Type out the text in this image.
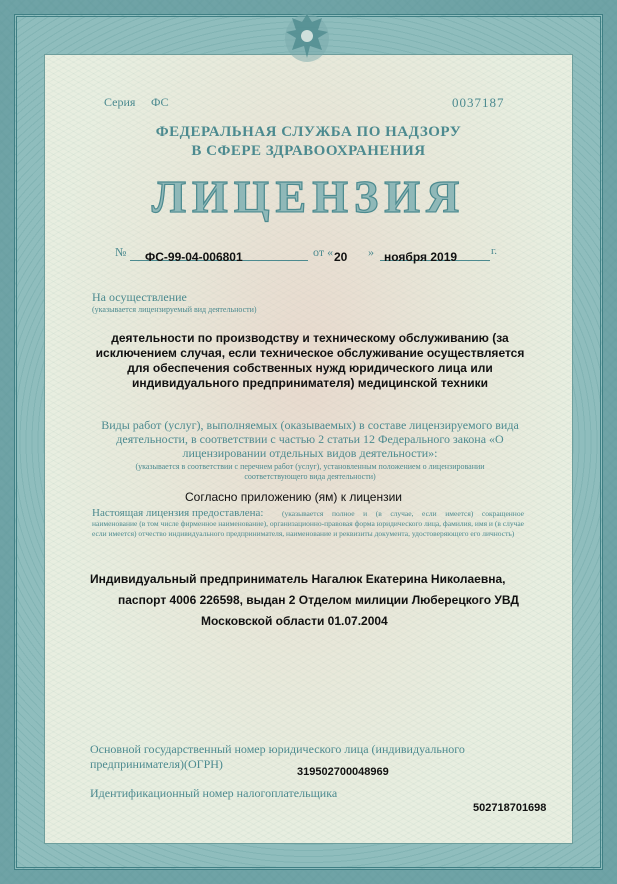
Серия ФС	0037187
ФЕДЕРАЛЬНАЯ СЛУЖБА ПО НАДЗОРУ
В СФЕРЕ ЗДРАВООХРАНЕНИЯ
ЛИЦЕНЗИЯ
№ ФС-99-04-006801	от « 20 » ноября 2019	г.
На осуществление
(указывается лицензируемый вид деятельности)
деятельности по производству и техническому обслуживанию (за исключением случая, если техническое обслуживание осуществляется для обеспечения собственных нужд юридического лица или индивидуального предпринимателя) медицинской техники
Виды работ (услуг), выполняемых (оказываемых) в составе лицензируемого вида деятельности, в соответствии с частью 2 статьи 12 Федерального закона «О лицензировании отдельных видов деятельности»:
(указывается в соответствии с перечнем работ (услуг), установленным положением о лицензировании соответствующего вида деятельности)
Согласно приложению (ям) к лицензии
Настоящая лицензия предоставлена:	(указывается полное и (в случае, если имеется) сокращенное наименование (в том числе фирменное наименование), организационно-правовая форма юридического лица, фамилия, имя и (в случае если имеется) отчество индивидуального предпринимателя, наименование и реквизиты документа, удостоверяющего его личность)
Индивидуальный предприниматель Нагалюк Екатерина Николаевна,
паспорт 4006 226598, выдан 2 Отделом милиции Люберецкого УВД
Московской области 01.07.2004
Основной государственный номер юридического лица (индивидуального
предпринимателя)(ОГРН)
319502700048969
Идентификационный номер налогоплательщика
502718701698
